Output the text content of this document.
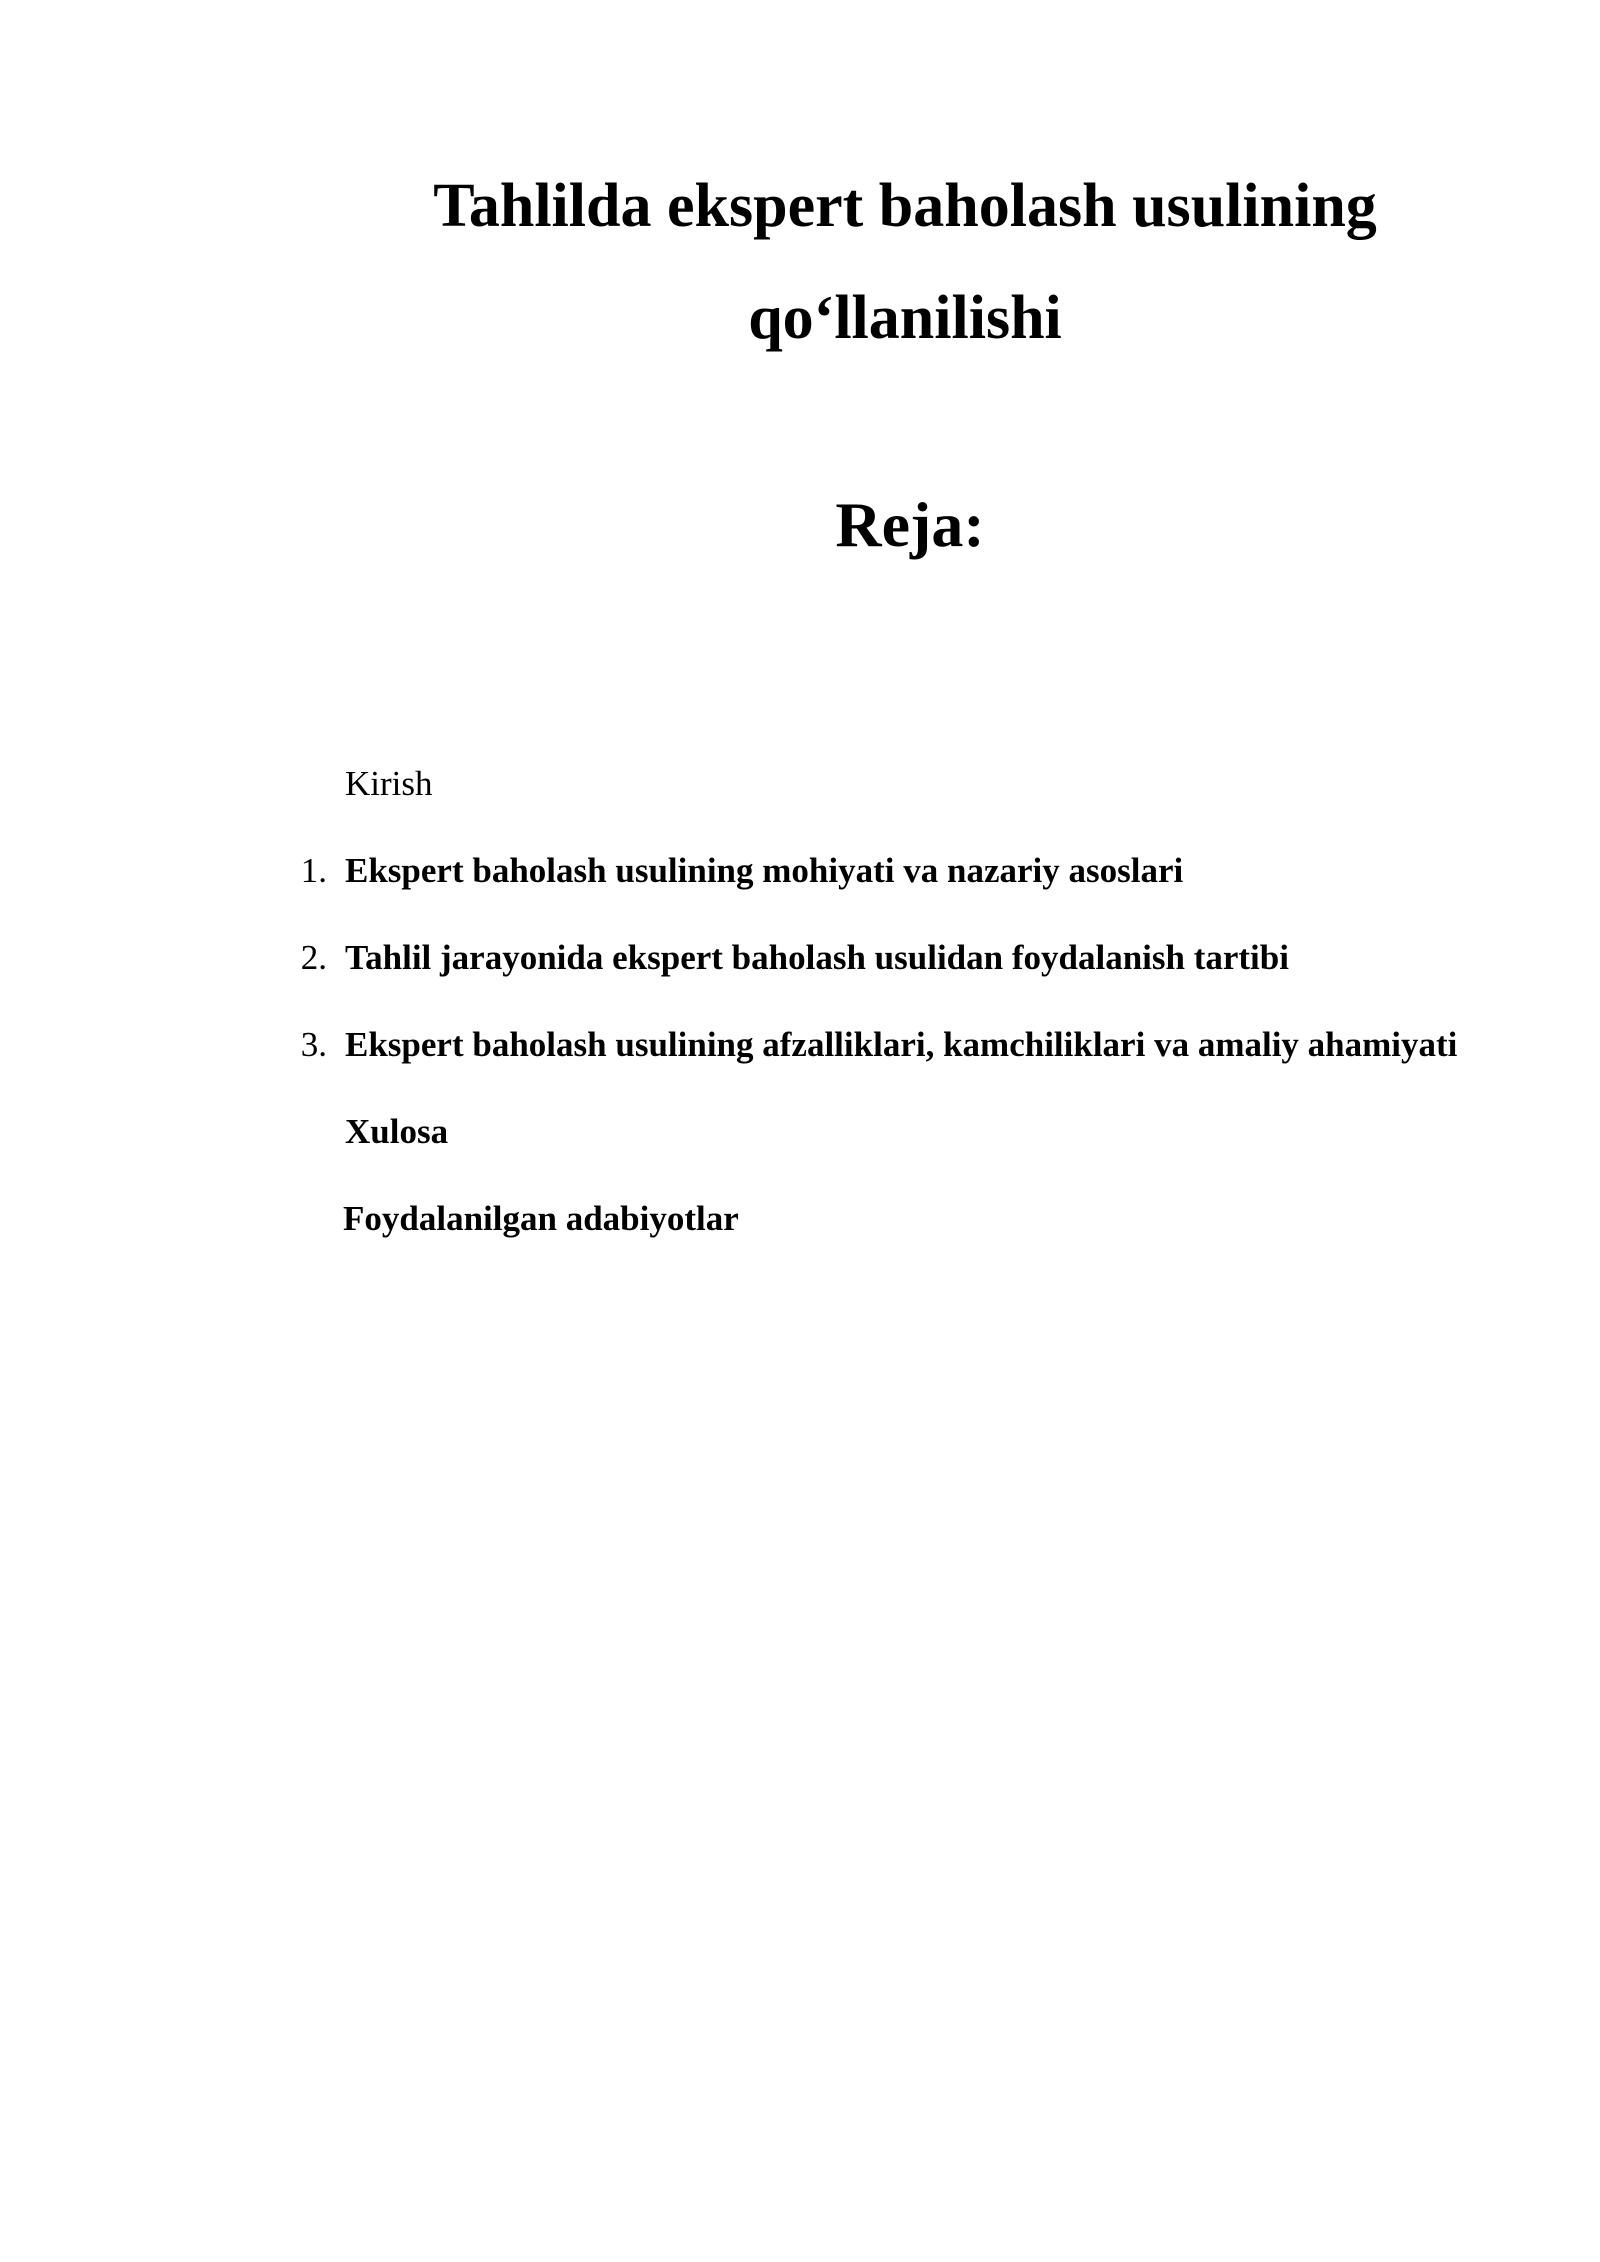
Tahlilda ekspert baholash usulining
qo‘llanilishi
Reja:
Kirish
1. Ekspert baholash usulining mohiyati va nazariy asoslari
2. Tahlil jarayonida ekspert baholash usulidan foydalanish tartibi
3. Ekspert baholash usulining afzalliklari, kamchiliklari va amaliy ahamiyati
Xulosa
Foydalanilgan adabiyotlar
